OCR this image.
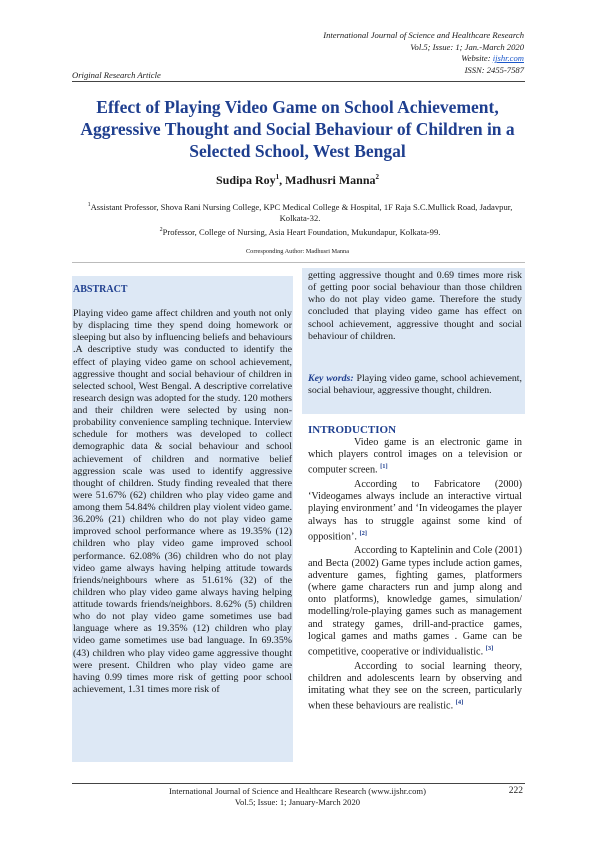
International Journal of Science and Healthcare Research
Vol.5; Issue: 1; Jan.-March 2020
Website: ijshr.com
ISSN: 2455-7587
Original Research Article
Effect of Playing Video Game on School Achievement, Aggressive Thought and Social Behaviour of Children in a Selected School, West Bengal
Sudipa Roy$^1$, Madhusri Manna$^2$
$^1$Assistant Professor, Shova Rani Nursing College, KPC Medical College & Hospital, 1F Raja S.C.Mullick Road, Jadavpur, Kolkata-32.
$^2$Professor, College of Nursing, Asia Heart Foundation, Mukundapur, Kolkata-99.
Corresponding Author: Madhusri Manna
ABSTRACT

Playing video game affect children and youth not only by displacing time they spend doing homework or sleeping but also by influencing beliefs and behaviours .A descriptive study was conducted to identify the effect of playing video game on school achievement, aggressive thought and social behaviour of children in selected school, West Bengal. A descriptive correlative research design was adopted for the study. 120 mothers and their children were selected by using non-probability convenience sampling technique. Interview schedule for mothers was developed to collect demographic data & social behaviour and school achievement of children and normative belief aggression scale was used to identify aggressive thought of children. Study finding revealed that there were 51.67% (62) children who play video game and among them 54.84% children play violent video game. 36.20% (21) children who do not play video game improved school performance where as 19.35% (12) children who play video game improved school performance. 62.08% (36) children who do not play video game always having helping attitude towards friends/neighbours where as 51.61% (32) of the children who play video game always having helping attitude towards friends/neighbors. 8.62% (5) children who do not play video game sometimes use bad language where as 19.35% (12) children who play video game sometimes use bad language. In 69.35% (43) children who play video game aggressive thought were present. Children who play video game are having 0.99 times more risk of getting poor school achievement, 1.31 times more risk of

getting aggressive thought and 0.69 times more risk of getting poor social behaviour than those children who do not play video game. Therefore the study concluded that playing video game has effect on school achievement, aggressive thought and social behaviour of children.

Key words: Playing video game, school achievement, social behaviour, aggressive thought, children.

INTRODUCTION

Video game is an electronic game in which players control images on a television or computer screen. [1]

According to Fabricatore (2000) ‘Videogames always include an interactive virtual playing environment’ and ‘In videogames the player always has to struggle against some kind of opposition’. [2]

According to Kaptelinin and Cole (2001) and Becta (2002) Game types include action games, adventure games, fighting games, platformers (where game characters run and jump along and onto platforms), knowledge games, simulation/ modelling/role-playing games such as management and strategy games, drill-and-practice games, logical games and maths games . Game can be competitive, cooperative or individualistic. [3]

According to social learning theory, children and adolescents learn by observing and imitating what they see on the screen, particularly when these behaviours are realistic. [4]

International Journal of Science and Healthcare Research (www.ijshr.com)
Vol.5; Issue: 1; January-March 2020
222
